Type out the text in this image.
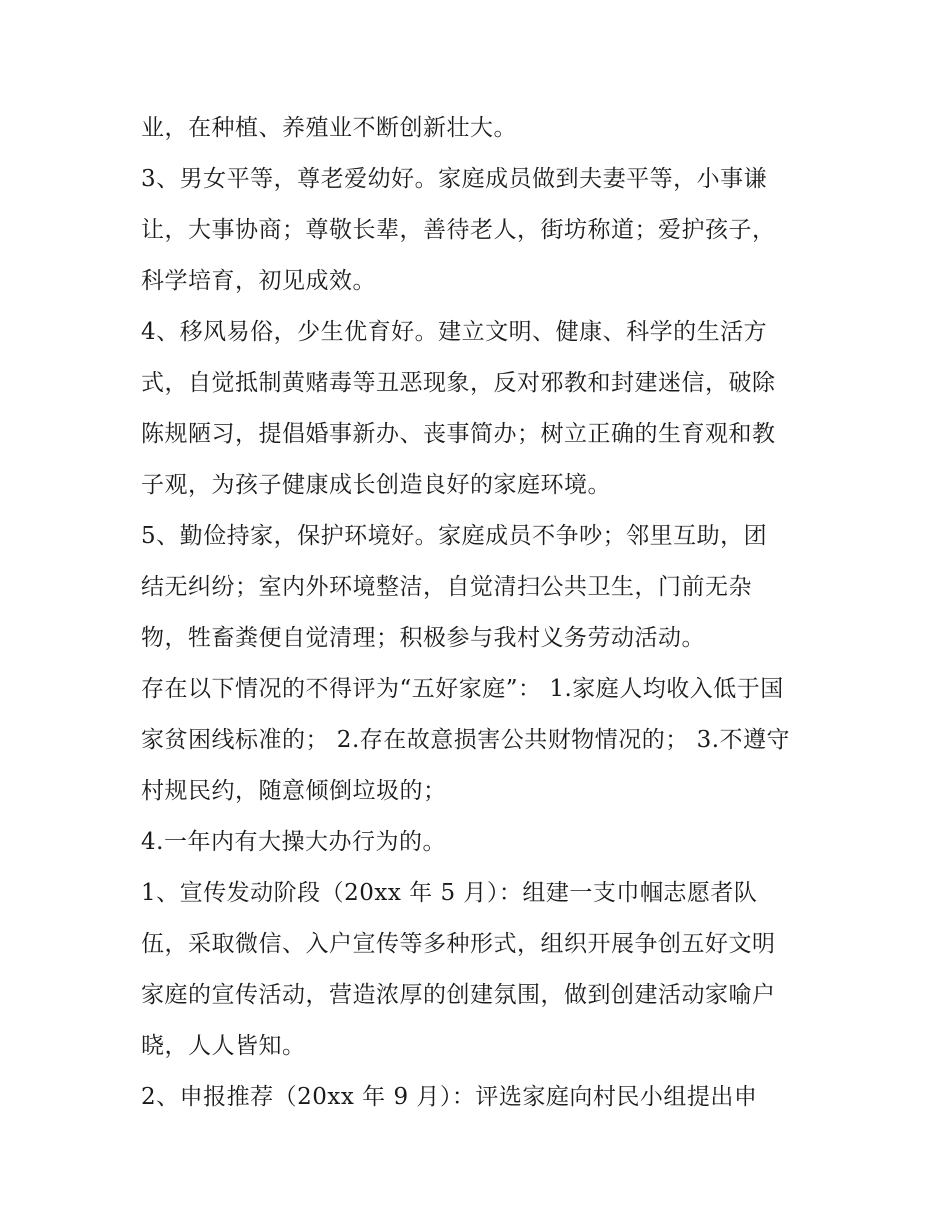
业，在种植、养殖业不断创新壮大。
3、男女平等，尊老爱幼好。家庭成员做到夫妻平等，小事谦
让，大事协商；尊敬长辈，善待老人，街坊称道；爱护孩子，
科学培育，初见成效。
4、移风易俗，少生优育好。建立文明、健康、科学的生活方
式，自觉抵制黄赌毒等丑恶现象，反对邪教和封建迷信，破除
陈规陋习，提倡婚事新办、丧事简办；树立正确的生育观和教
子观，为孩子健康成长创造良好的家庭环境。
5、勤俭持家，保护环境好。家庭成员不争吵；邻里互助，团
结无纠纷；室内外环境整洁，自觉清扫公共卫生，门前无杂
物，牲畜粪便自觉清理；积极参与我村义务劳动活动。
存在以下情况的不得评为“五好家庭”： 1.家庭人均收入低于国
家贫困线标准的； 2.存在故意损害公共财物情况的； 3.不遵守
村规民约，随意倾倒垃圾的；
4.一年内有大操大办行为的。
1、宣传发动阶段（20xx 年 5 月）：组建一支巾帼志愿者队
伍，采取微信、入户宣传等多种形式，组织开展争创五好文明
家庭的宣传活动，营造浓厚的创建氛围，做到创建活动家喻户
晓，人人皆知。
2、申报推荐（20xx 年 9 月）：评选家庭向村民小组提出申
